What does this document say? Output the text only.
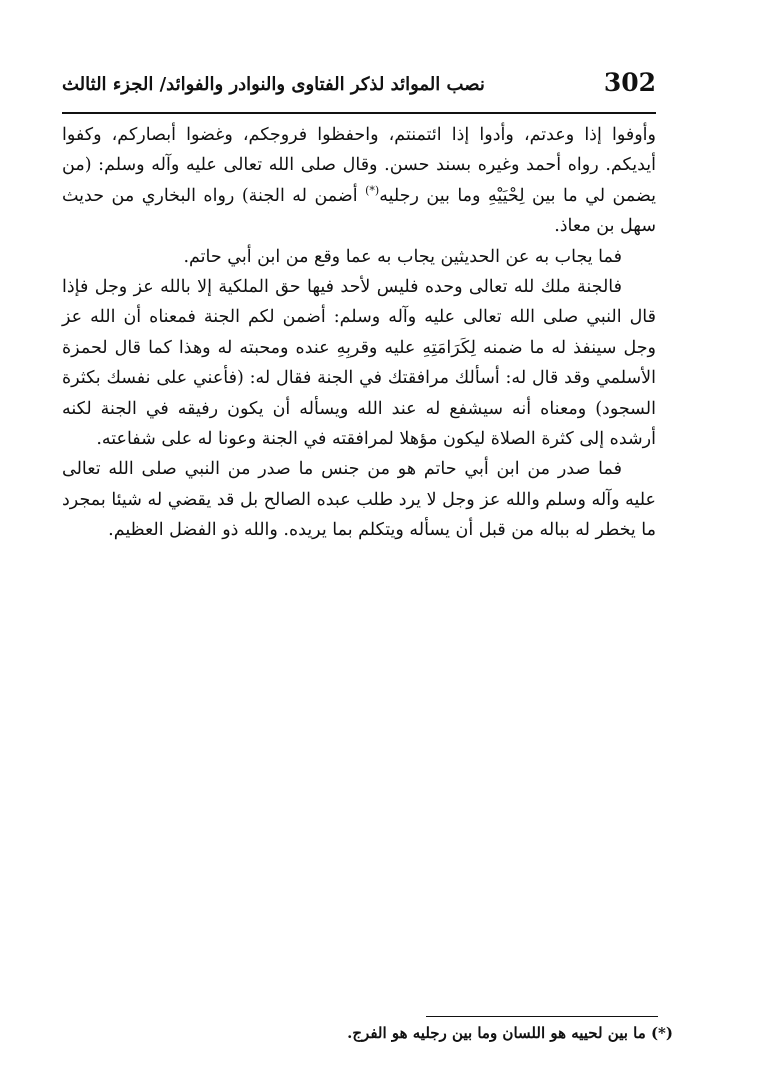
302
نصب الموائد لذكر الفتاوى والنوادر والفوائد/ الجزء الثالث

وأوفوا إذا وعدتم، وأدوا إذا ائتمنتم، واحفظوا فروجكم، وغضوا أبصاركم، وكفوا أيديكم. رواه أحمد وغيره بسند حسن. وقال صلى الله تعالى عليه وآله وسلم: (من يضمن لي ما بين لِحْيَيْهِ وما بين رجليه(*) أضمن له الجنة) رواه البخاري من حديث سهل بن معاذ.

فما يجاب به عن الحديثين يجاب به عما وقع من ابن أبي حاتم.

فالجنة ملك لله تعالى وحده فليس لأحد فيها حق الملكية إلا بالله عز وجل فإذا قال النبي صلى الله تعالى عليه وآله وسلم: أضمن لكم الجنة فمعناه أن الله عز وجل سينفذ له ما ضمنه لِكَرَامَتِهِ عليه وقربِهِ عنده ومحبته له وهذا كما قال لحمزة الأسلمي وقد قال له: أسألك مرافقتك في الجنة فقال له: (فأعني على نفسك بكثرة السجود) ومعناه أنه سيشفع له عند الله ويسأله أن يكون رفيقه في الجنة لكنه أرشده إلى كثرة الصلاة ليكون مؤهلا لمرافقته في الجنة وعونا له على شفاعته.

فما صدر من ابن أبي حاتم هو من جنس ما صدر من النبي صلى الله تعالى عليه وآله وسلم والله عز وجل لا يرد طلب عبده الصالح بل قد يقضي له شيئا بمجرد ما يخطر له بباله من قبل أن يسأله ويتكلم بما يريده. والله ذو الفضل العظيم.

(*) ما بين لحييه هو اللسان وما بين رجليه هو الفرج.
